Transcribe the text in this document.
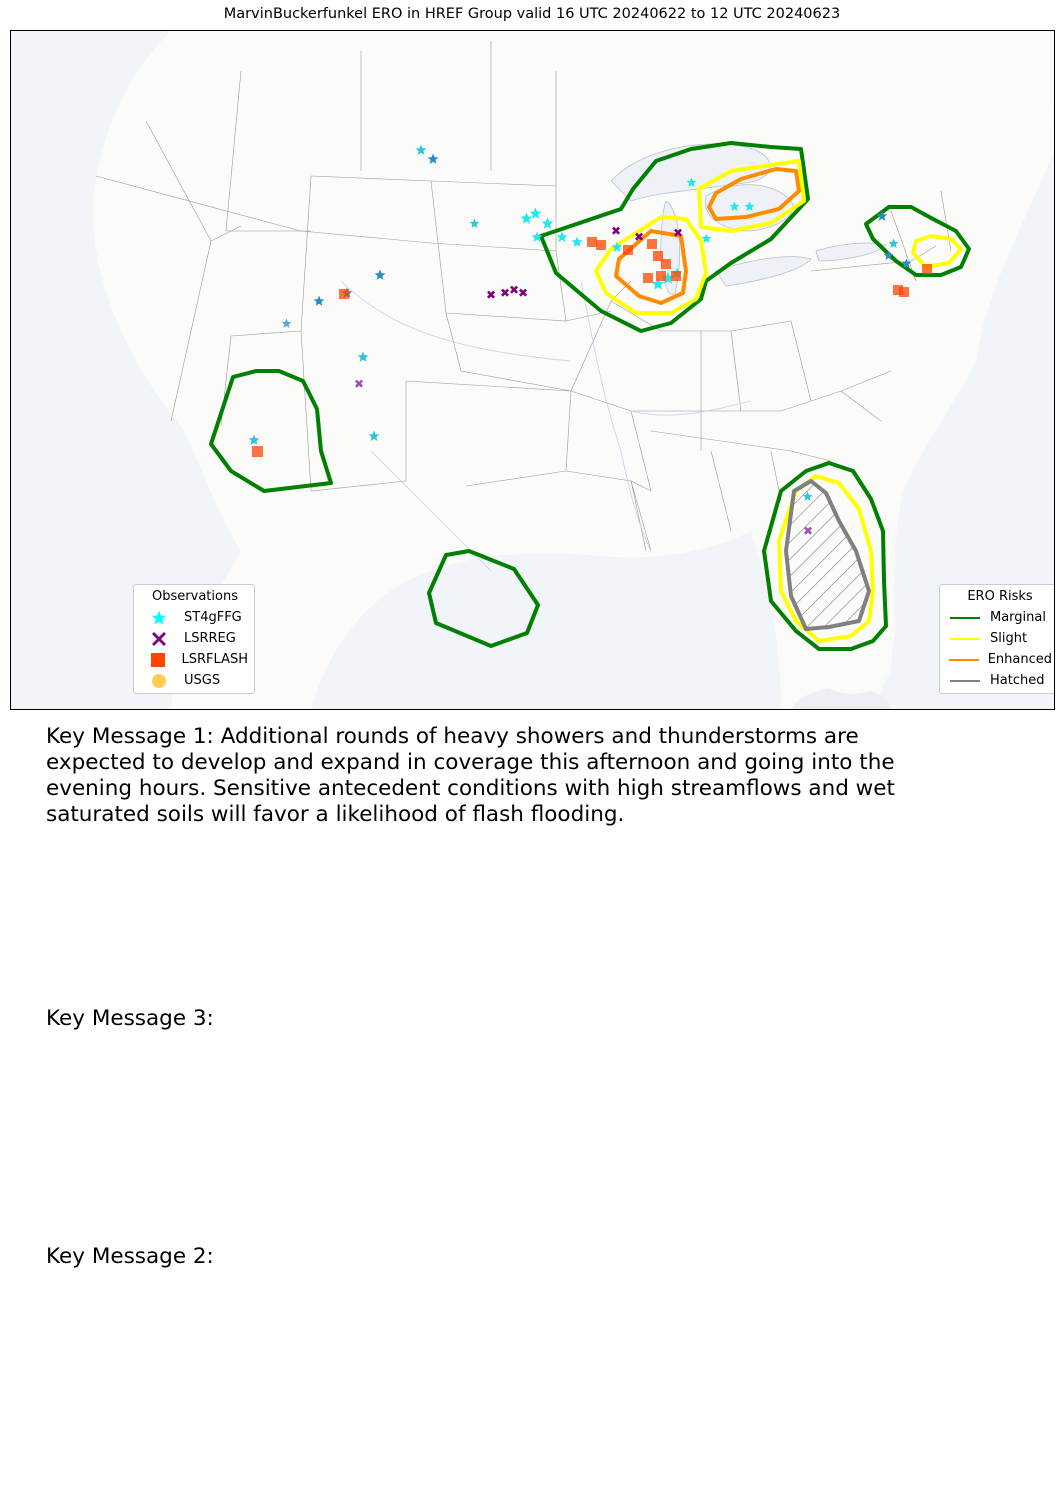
MarvinBuckerfunkel ERO in HREF Group valid 16 UTC 20240622 to 12 UTC 20240623
✖ ✖
✖
✖
✖ ✖ ✖
✖
✖
Observations
ST4gFFG
LSRREG
LSRFLASH
USGS
ERO Risks
Marginal
Slight
Enhanced
Hatched
Key Message 1: Additional rounds of heavy showers and thunderstorms are expected to develop and expand in coverage this afternoon and going into the evening hours. Sensitive antecedent conditions with high streamflows and wet saturated soils will favor a likelihood of flash flooding.
Key Message 3:
Key Message 2:
